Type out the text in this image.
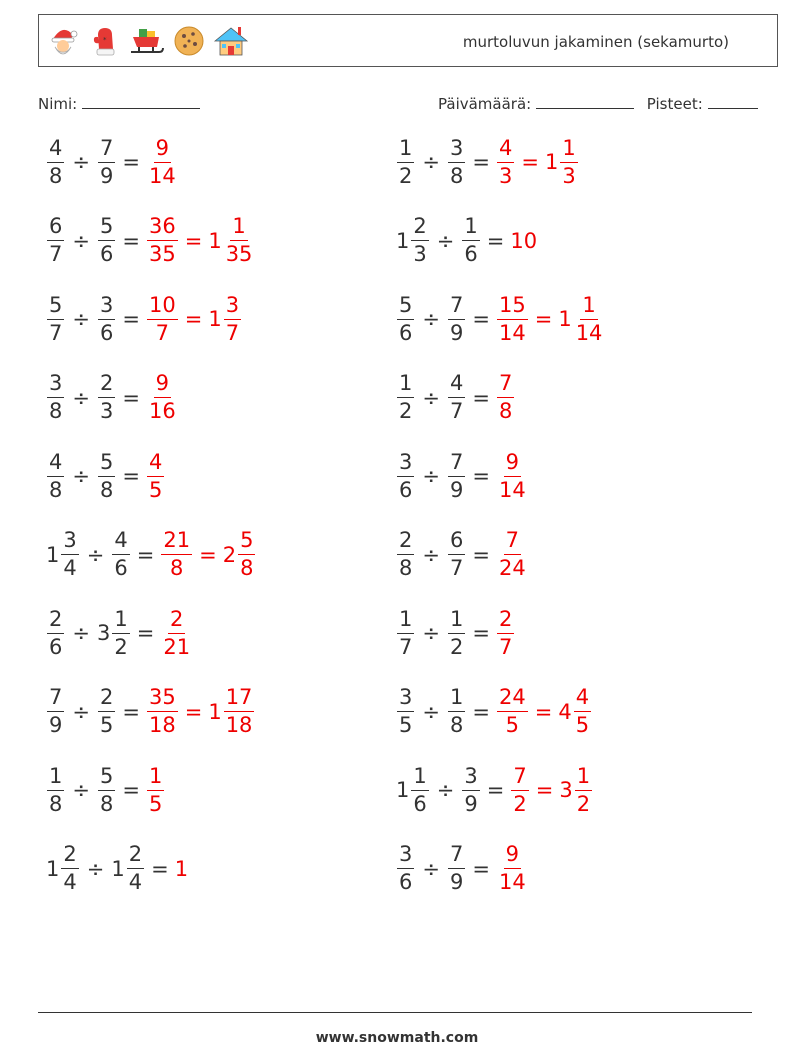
*	murtoluvun jakaminen (sekamurto)
Nimi:	Päivämäärä:	Pisteet:
$\frac{4}{8} \div \frac{7}{9} = \frac{9}{14}$	$\frac{1}{2} \div \frac{3}{8} = \frac{4}{3} = 1 \frac{1}{3}$
$\frac{6}{7} \div \frac{5}{6} = \frac{36}{35} = 1 \frac{1}{35}$	$1 \frac{2}{3} \div \frac{1}{6} = 10$
$\frac{5}{7} \div \frac{3}{6} = \frac{10}{7} = 1 \frac{3}{7}$	$\frac{5}{6} \div \frac{7}{9} = \frac{15}{14} = 1 \frac{1}{14}$
$\frac{3}{8} \div \frac{2}{3} = \frac{9}{16}$	$\frac{1}{2} \div \frac{4}{7} = \frac{7}{8}$
$\frac{4}{8} \div \frac{5}{8} = \frac{4}{5}$	$\frac{3}{6} \div \frac{7}{9} = \frac{9}{14}$
$1 \frac{3}{4} \div \frac{4}{6} = \frac{21}{8} = 2 \frac{5}{8}$	$\frac{2}{8} \div \frac{6}{7} = \frac{7}{24}$
$\frac{2}{6} \div 3 \frac{1}{2} = \frac{2}{21}$	$\frac{1}{7} \div \frac{1}{2} = \frac{2}{7}$
$\frac{7}{9} \div \frac{2}{5} = \frac{35}{18} = 1 \frac{17}{18}$	$\frac{3}{5} \div \frac{1}{8} = \frac{24}{5} = 4 \frac{4}{5}$
$\frac{1}{8} \div \frac{5}{8} = \frac{1}{5}$	$1 \frac{1}{6} \div \frac{3}{9} = \frac{7}{2} = 3 \frac{1}{2}$
$1 \frac{2}{4} \div 1 \frac{2}{4} = 1$	$\frac{3}{6} \div \frac{7}{9} = \frac{9}{14}$
www.snowmath.com
